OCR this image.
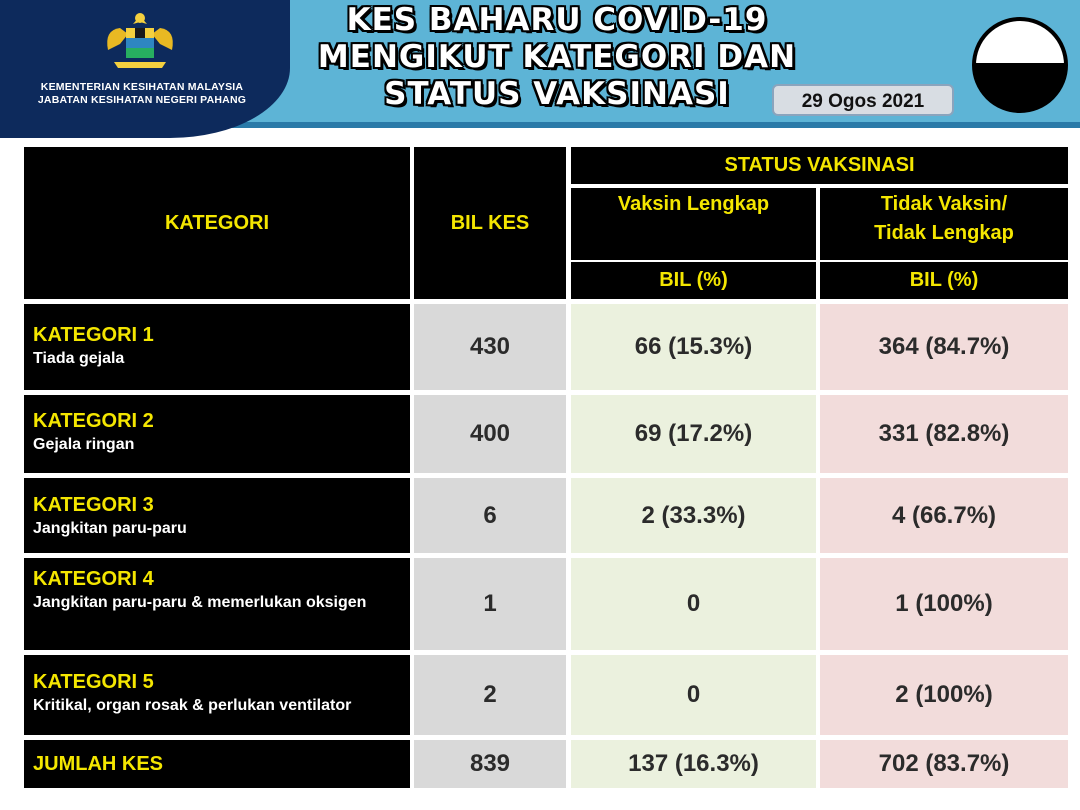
KEMENTERIAN KESIHATAN MALAYSIA
JABATAN KESIHATAN NEGERI PAHANG
KES BAHARU COVID-19
MENGIKUT KATEGORI DAN
STATUS VAKSINASI	29 Ogos 2021
KATEGORI	BIL KES
STATUS VAKSINASI
Vaksin Lengkap	Tidak Vaksin/
Tidak Lengkap
BIL (%)	BIL (%)
KATEGORI 1
Tiada gejala	430	66 (15.3%)	364 (84.7%)
KATEGORI 2
Gejala ringan	400	69 (17.2%)	331 (82.8%)
KATEGORI 3
Jangkitan paru-paru	6	2 (33.3%)	4 (66.7%)
KATEGORI 4
Jangkitan paru-paru & memerlukan oksigen	1	0	1 (100%)
KATEGORI 5
Kritikal, organ rosak & perlukan ventilator	2	0	2 (100%)
JUMLAH KES	839	137 (16.3%)	702 (83.7%)
